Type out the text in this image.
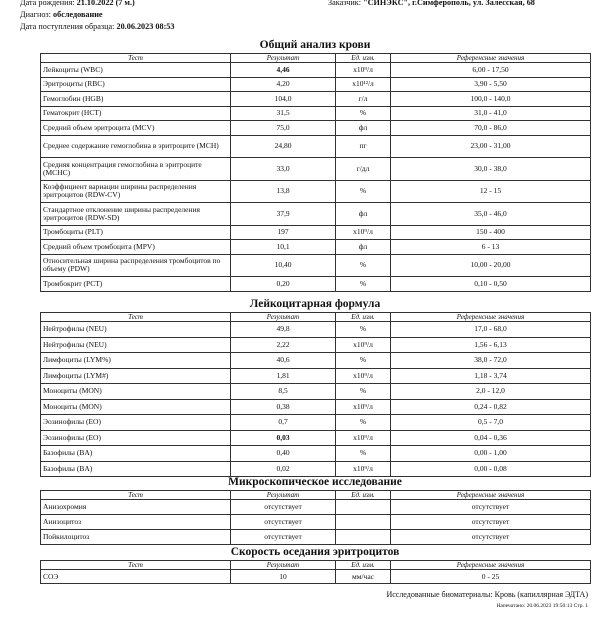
Дата рождения: 21.10.2022 (7 м.)	Заказчик: "СИНЭКС", г.Симферополь, ул. Залесская, 68
Диагноз: обследование
Дата поступления образца: 20.06.2023 08:53
Общий анализ крови
Тест	Результат	Ед. изм.	Референсные значения
Лейкоциты (WBC)	4,46	x10⁹/л	6,00 - 17,50
Эритроциты (RBC)	4,20	x10¹²/л	3,90 - 5,50
Гемоглобин (HGB)	104,0	г/л	100,0 - 140,0
Гематокрит (HCT)	31,5	%	31,0 - 41,0
Средний объем эритроцита (MCV)	75,0	фл	70,0 - 86,0
Среднее содержание гемоглобина в эритроците (MCH)	24,80	пг	23,00 - 31,00
Средняя концентрация гемоглобина в эритроците (MCHC)	33,0	г/дл	30,0 - 38,0
Коэффициент вариации ширины распределения эритроцитов (RDW-CV)	13,8	%	12 - 15
Стандартное отклонение ширины распределения эритроцитов (RDW-SD)	37,9	фл	35,0 - 46,0
Тромбоциты (PLT)	197	x10⁹/л	150 - 400
Средний объем тромбоцита (MPV)	10,1	фл	6 - 13
Относительная ширина распределения тромбоцитов по объему (PDW)	10,40	%	10,00 - 20,00
Тромбокрит (PCT)	0,20	%	0,10 - 0,50
Лейкоцитарная формула
Тест	Результат	Ед. изм.	Референсные значения
Нейтрофилы (NEU)	49,8	%	17,0 - 68,0
Нейтрофилы (NEU)	2,22	x10⁹/л	1,56 - 6,13
Лимфоциты (LYM%)	40,6	%	38,0 - 72,0
Лимфоциты (LYM#)	1,81	x10⁹/л	1,18 - 3,74
Моноциты (MON)	8,5	%	2,0 - 12,0
Моноциты (MON)	0,38	x10⁹/л	0,24 - 0,82
Эозинофилы (EO)	0,7	%	0,5 - 7,0
Эозинофилы (EO)	0,03	x10⁹/л	0,04 - 0,36
Базофилы (BA)	0,40	%	0,00 - 1,00
Базофилы (BA)	0,02	x10⁹/л	0,00 - 0,08
Микроскопическое исследование
Тест	Результат	Ед. изм.	Референсные значения
Анизохромия	отсутствует		отсутствует
Анизоцитоз	отсутствует		отсутствует
Пойкилоцитоз	отсутствует		отсутствует
Скорость оседания эритроцитов
Тест	Результат	Ед. изм.	Референсные значения
СОЭ	10	мм/час	0 - 25
Исследованные биоматериалы: Кровь (капиллярная ЭДТА)
Напечатано: 20.06.2023 19:50:13 Стр. 1
